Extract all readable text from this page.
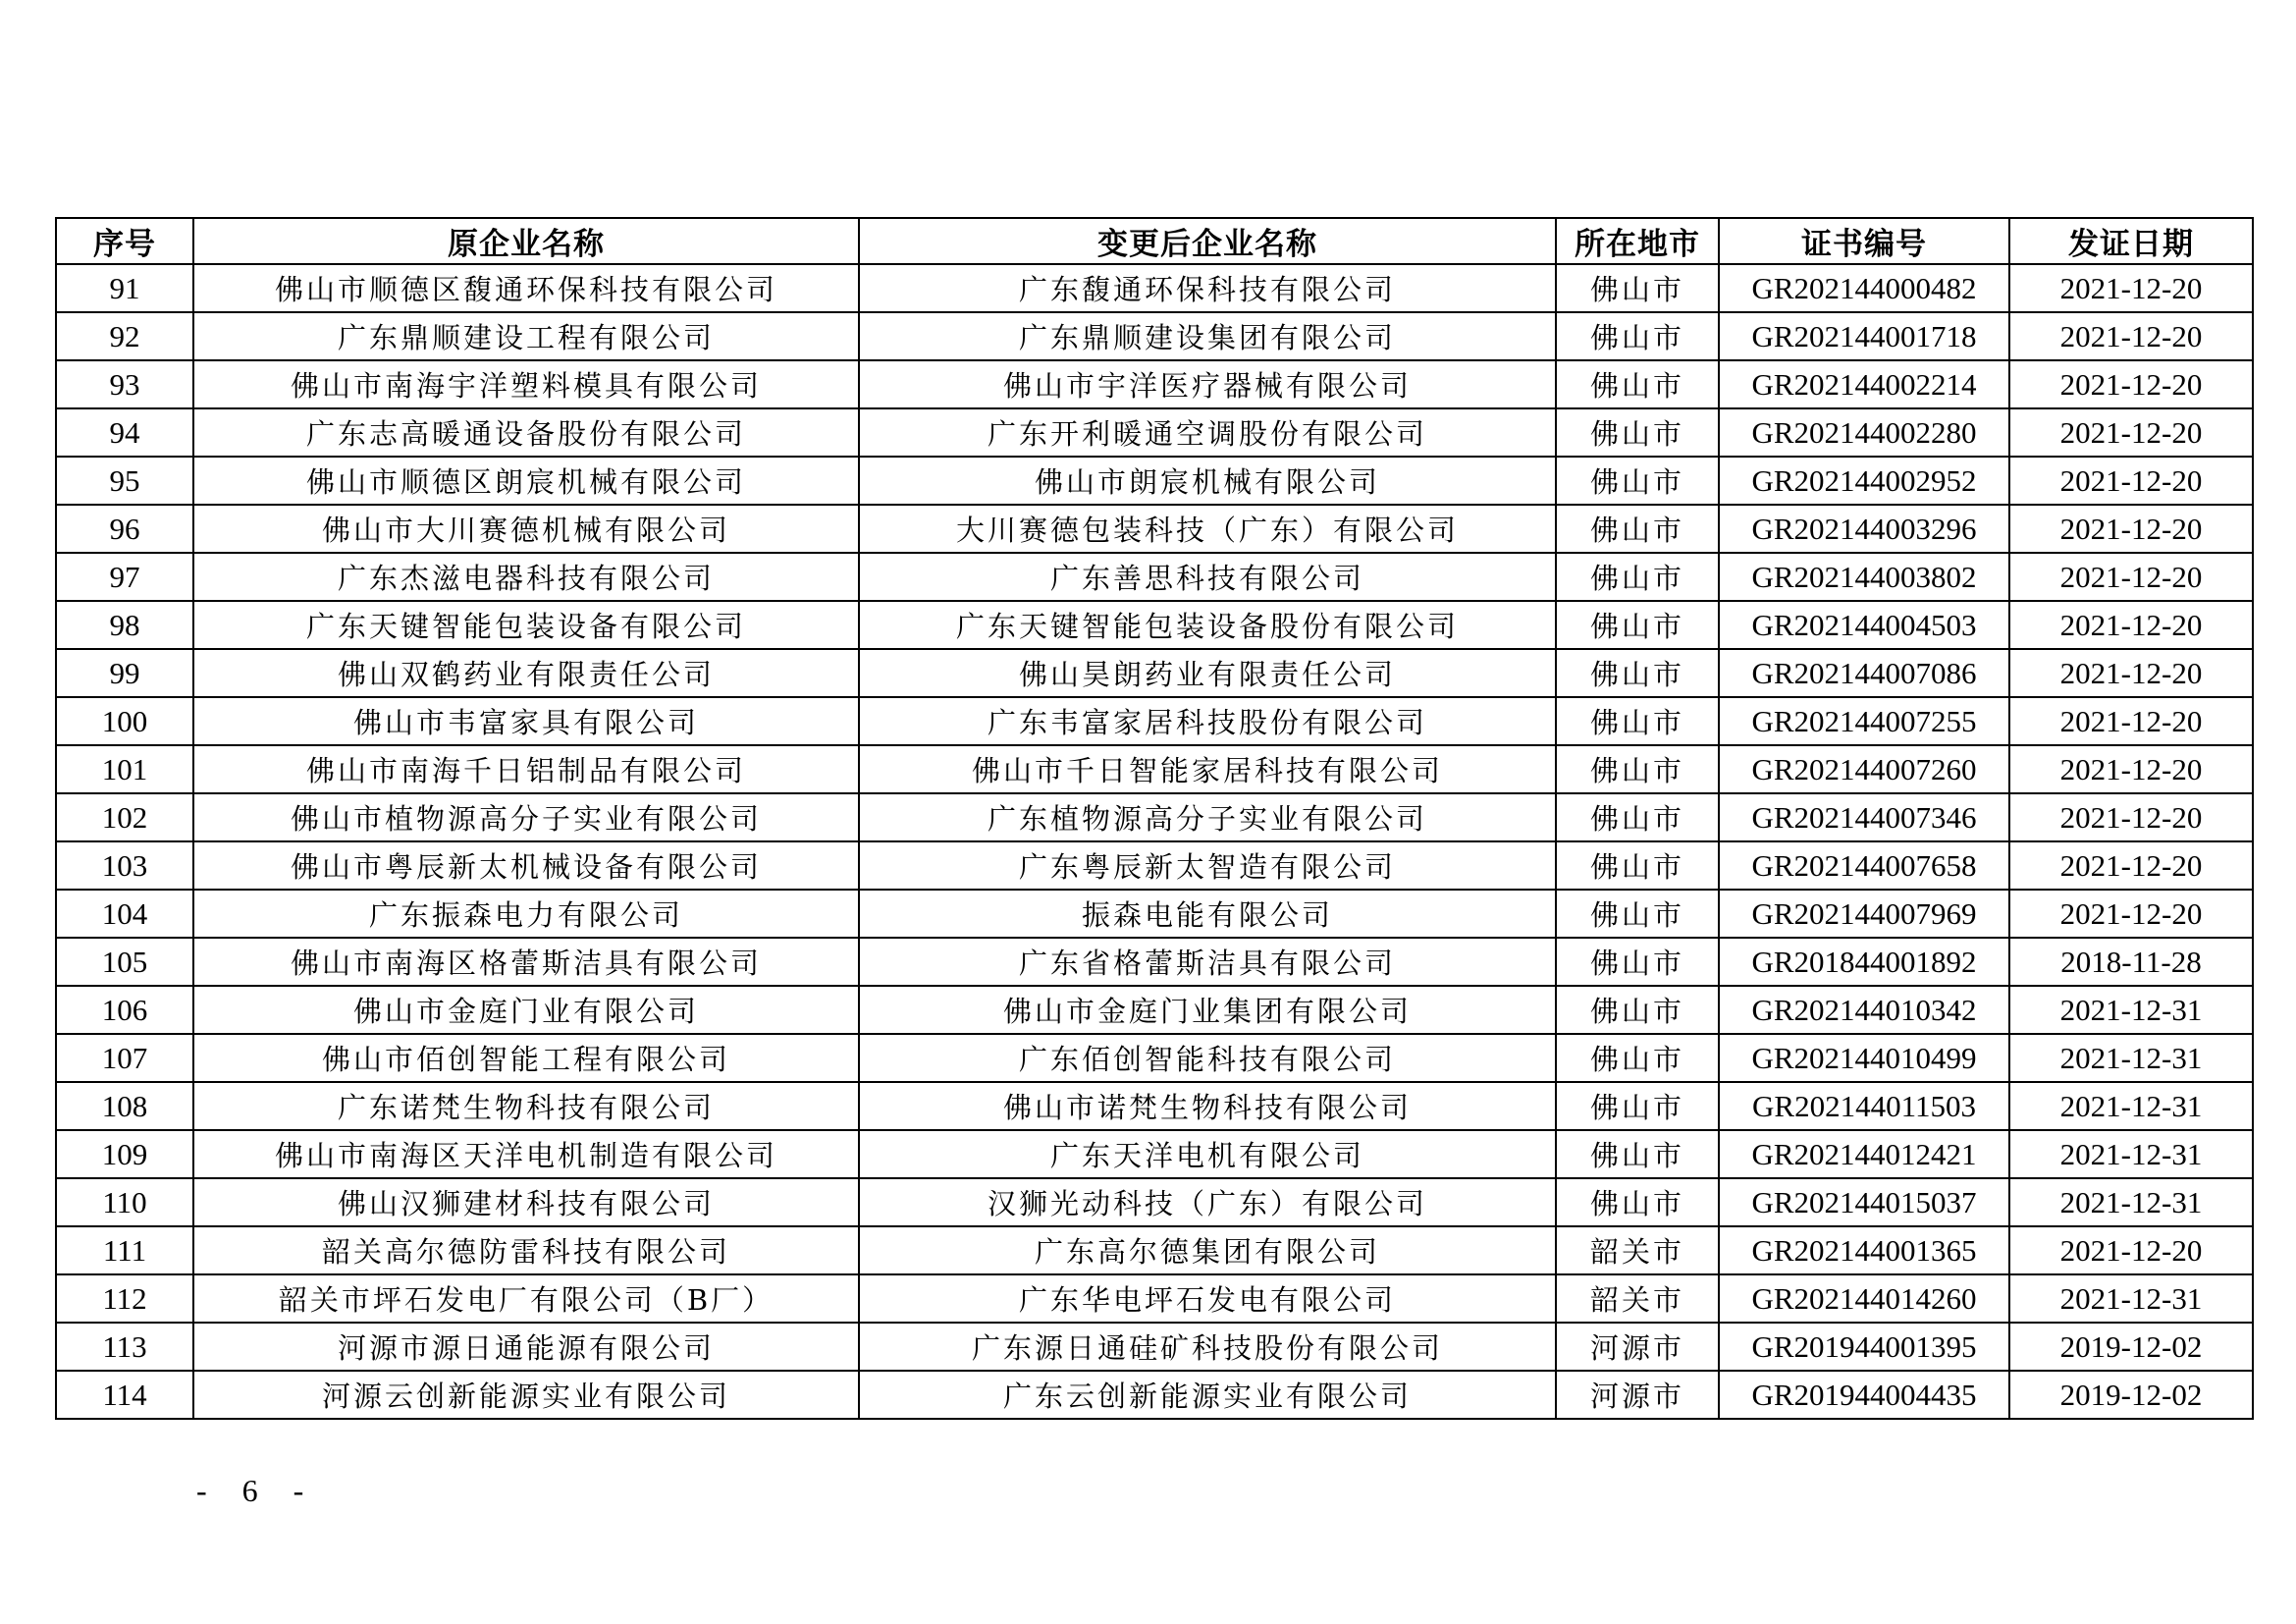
序号	原企业名称	变更后企业名称	所在地市	证书编号	发证日期
91	佛山市顺德区馥通环保科技有限公司	广东馥通环保科技有限公司	佛山市	GR202144000482	2021-12-20
92	广东鼎顺建设工程有限公司	广东鼎顺建设集团有限公司	佛山市	GR202144001718	2021-12-20
93	佛山市南海宇洋塑料模具有限公司	佛山市宇洋医疗器械有限公司	佛山市	GR202144002214	2021-12-20
94	广东志高暖通设备股份有限公司	广东开利暖通空调股份有限公司	佛山市	GR202144002280	2021-12-20
95	佛山市顺德区朗宸机械有限公司	佛山市朗宸机械有限公司	佛山市	GR202144002952	2021-12-20
96	佛山市大川赛德机械有限公司	大川赛德包装科技（广东）有限公司	佛山市	GR202144003296	2021-12-20
97	广东杰滋电器科技有限公司	广东善思科技有限公司	佛山市	GR202144003802	2021-12-20
98	广东天键智能包装设备有限公司	广东天键智能包装设备股份有限公司	佛山市	GR202144004503	2021-12-20
99	佛山双鹤药业有限责任公司	佛山昊朗药业有限责任公司	佛山市	GR202144007086	2021-12-20
100	佛山市韦富家具有限公司	广东韦富家居科技股份有限公司	佛山市	GR202144007255	2021-12-20
101	佛山市南海千日铝制品有限公司	佛山市千日智能家居科技有限公司	佛山市	GR202144007260	2021-12-20
102	佛山市植物源高分子实业有限公司	广东植物源高分子实业有限公司	佛山市	GR202144007346	2021-12-20
103	佛山市粤辰新太机械设备有限公司	广东粤辰新太智造有限公司	佛山市	GR202144007658	2021-12-20
104	广东振森电力有限公司	振森电能有限公司	佛山市	GR202144007969	2021-12-20
105	佛山市南海区格蕾斯洁具有限公司	广东省格蕾斯洁具有限公司	佛山市	GR201844001892	2018-11-28
106	佛山市金庭门业有限公司	佛山市金庭门业集团有限公司	佛山市	GR202144010342	2021-12-31
107	佛山市佰创智能工程有限公司	广东佰创智能科技有限公司	佛山市	GR202144010499	2021-12-31
108	广东诺梵生物科技有限公司	佛山市诺梵生物科技有限公司	佛山市	GR202144011503	2021-12-31
109	佛山市南海区天洋电机制造有限公司	广东天洋电机有限公司	佛山市	GR202144012421	2021-12-31
110	佛山汉狮建材科技有限公司	汉狮光动科技（广东）有限公司	佛山市	GR202144015037	2021-12-31
111	韶关高尔德防雷科技有限公司	广东高尔德集团有限公司	韶关市	GR202144001365	2021-12-20
112	韶关市坪石发电厂有限公司（B厂）	广东华电坪石发电有限公司	韶关市	GR202144014260	2021-12-31
113	河源市源日通能源有限公司	广东源日通硅矿科技股份有限公司	河源市	GR201944001395	2019-12-02
114	河源云创新能源实业有限公司	广东云创新能源实业有限公司	河源市	GR201944004435	2019-12-02
- 6 -
